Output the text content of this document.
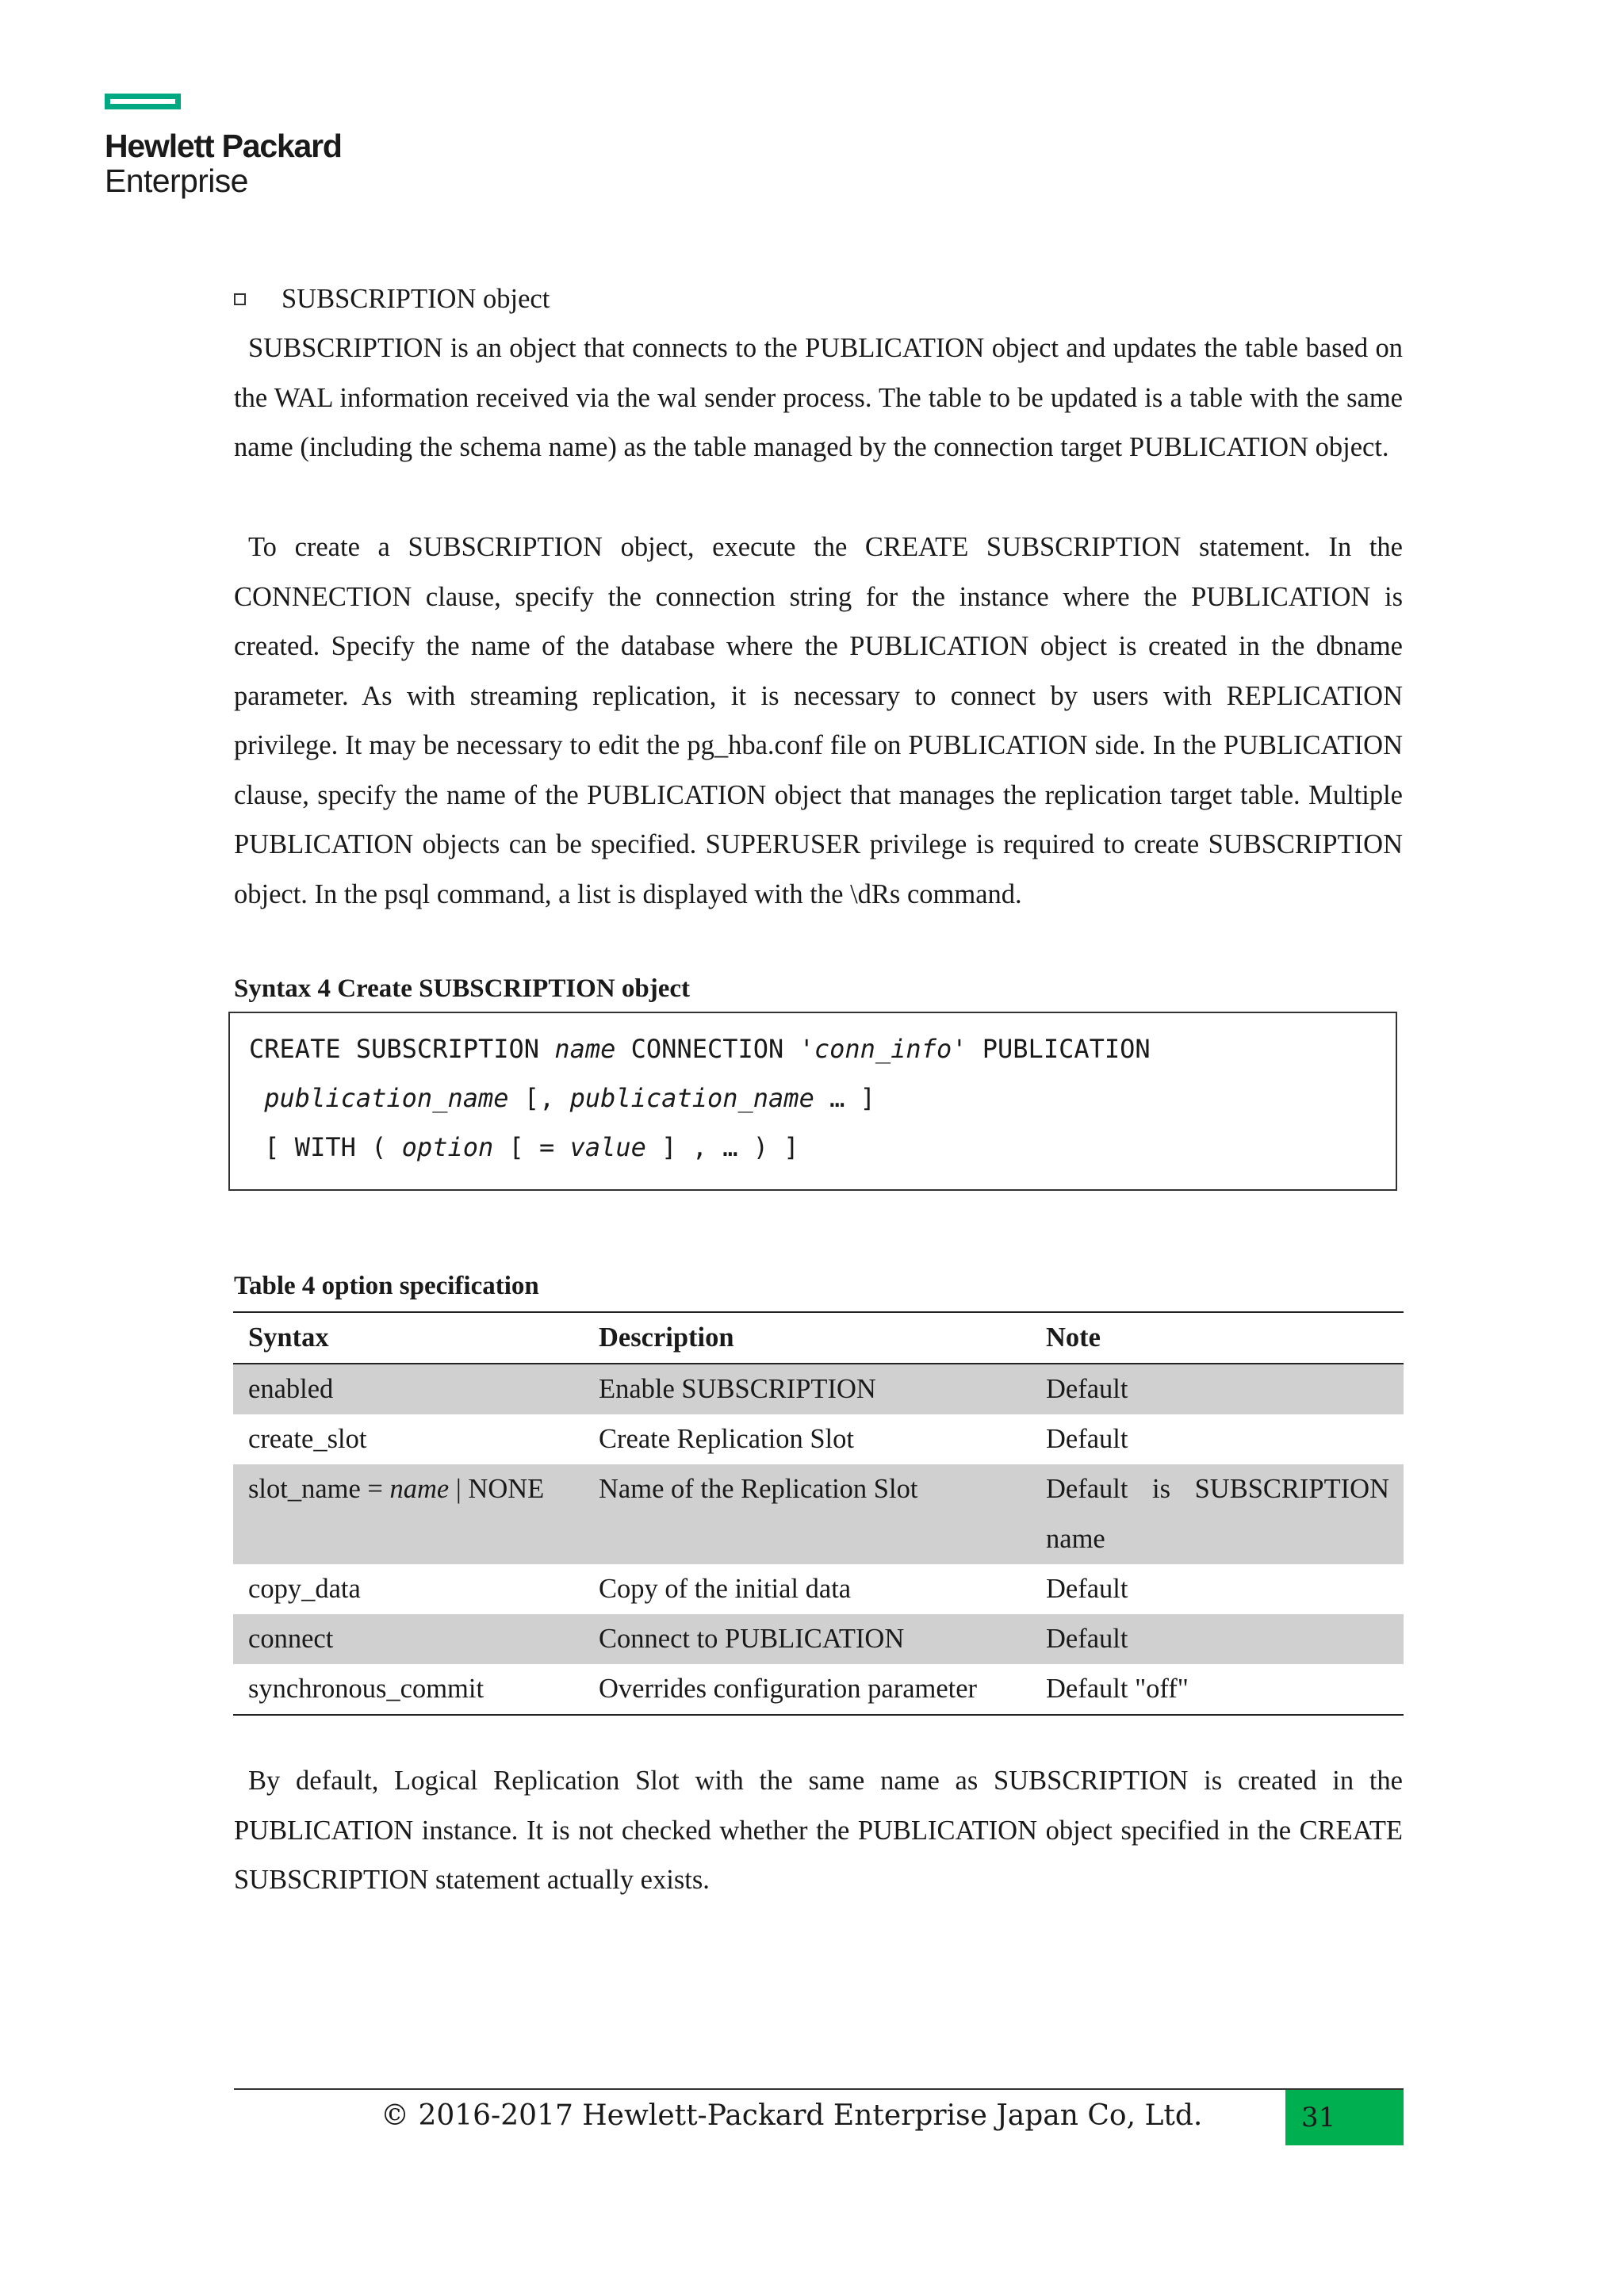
Hewlett Packard
Enterprise
SUBSCRIPTION object
SUBSCRIPTION is an object that connects to the PUBLICATION object and updates the table based on the WAL information received via the wal sender process. The table to be updated is a table with the same name (including the schema name) as the table managed by the connection target PUBLICATION object.
To create a SUBSCRIPTION object, execute the CREATE SUBSCRIPTION statement. In the CONNECTION clause, specify the connection string for the instance where the PUBLICATION is created. Specify the name of the database where the PUBLICATION object is created in the dbname parameter. As with streaming replication, it is necessary to connect by users with REPLICATION privilege. It may be necessary to edit the pg_hba.conf file on PUBLICATION side. In the PUBLICATION clause, specify the name of the PUBLICATION object that manages the replication target table. Multiple PUBLICATION objects can be specified. SUPERUSER privilege is required to create SUBSCRIPTION object. In the psql command, a list is displayed with the \dRs command.
Syntax 4 Create SUBSCRIPTION object
CREATE SUBSCRIPTION name CONNECTION 'conn_info' PUBLICATION
publication_name [, publication_name … ]
[ WITH ( option [ = value ] , … ) ]
Table 4 option specification
Syntax	Description	Note
enabled	Enable SUBSCRIPTION	Default
create_slot	Create Replication Slot	Default
slot_name = name | NONE	Name of the Replication Slot	Default is SUBSCRIPTION name
copy_data	Copy of the initial data	Default
connect	Connect to PUBLICATION	Default
synchronous_commit	Overrides configuration parameter	Default "off"
By default, Logical Replication Slot with the same name as SUBSCRIPTION is created in the PUBLICATION instance. It is not checked whether the PUBLICATION object specified in the CREATE SUBSCRIPTION statement actually exists.
© 2016-2017 Hewlett-Packard Enterprise Japan Co, Ltd.	31
